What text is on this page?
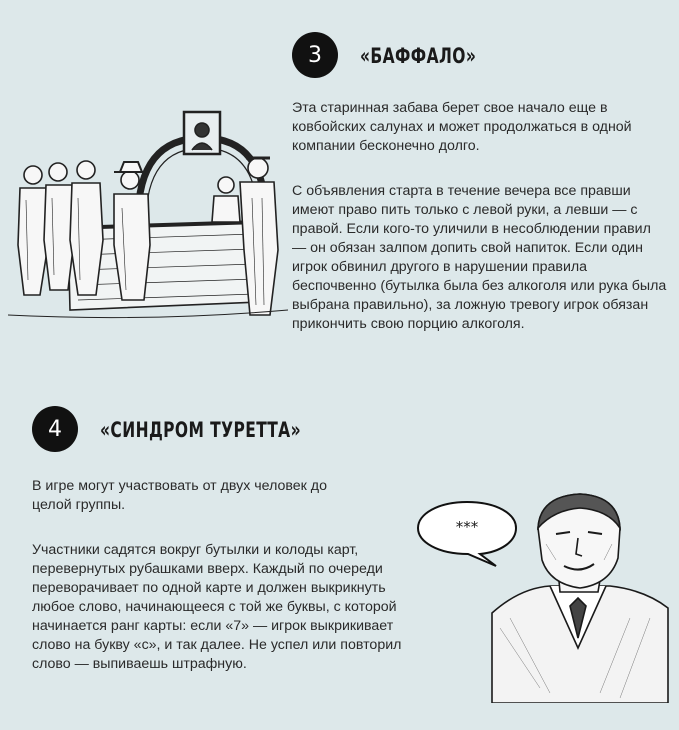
3 «БАФФАЛО»

Эта старинная забава берет свое начало еще в ковбойских салунах и может продолжаться в одной компании бесконечно долго.

С объявления старта в течение вечера все правши имеют право пить только с левой руки, а левши — с правой. Если кого-то уличили в несоблюдении правил — он обязан залпом допить свой напиток. Если один игрок обвинил другого в нарушении правила беспочвенно (бутылка была без алкоголя или рука была выбрана правильно), за ложную тревогу игрок обязан прикончить свою порцию алкоголя.

4 «СИНДРОМ ТУРЕТТА»

В игре могут участвовать от двух человек до целой группы.

Участники садятся вокруг бутылки и колоды карт, перевернутых рубашками вверх. Каждый по очереди переворачивает по одной карте и должен выкрикнуть любое слово, начинающееся с той же буквы, с которой начинается ранг карты: если «7» — игрок выкрикивает слово на букву «с», и так далее. Не успел или повторил слово — выпиваешь штрафную.

***
